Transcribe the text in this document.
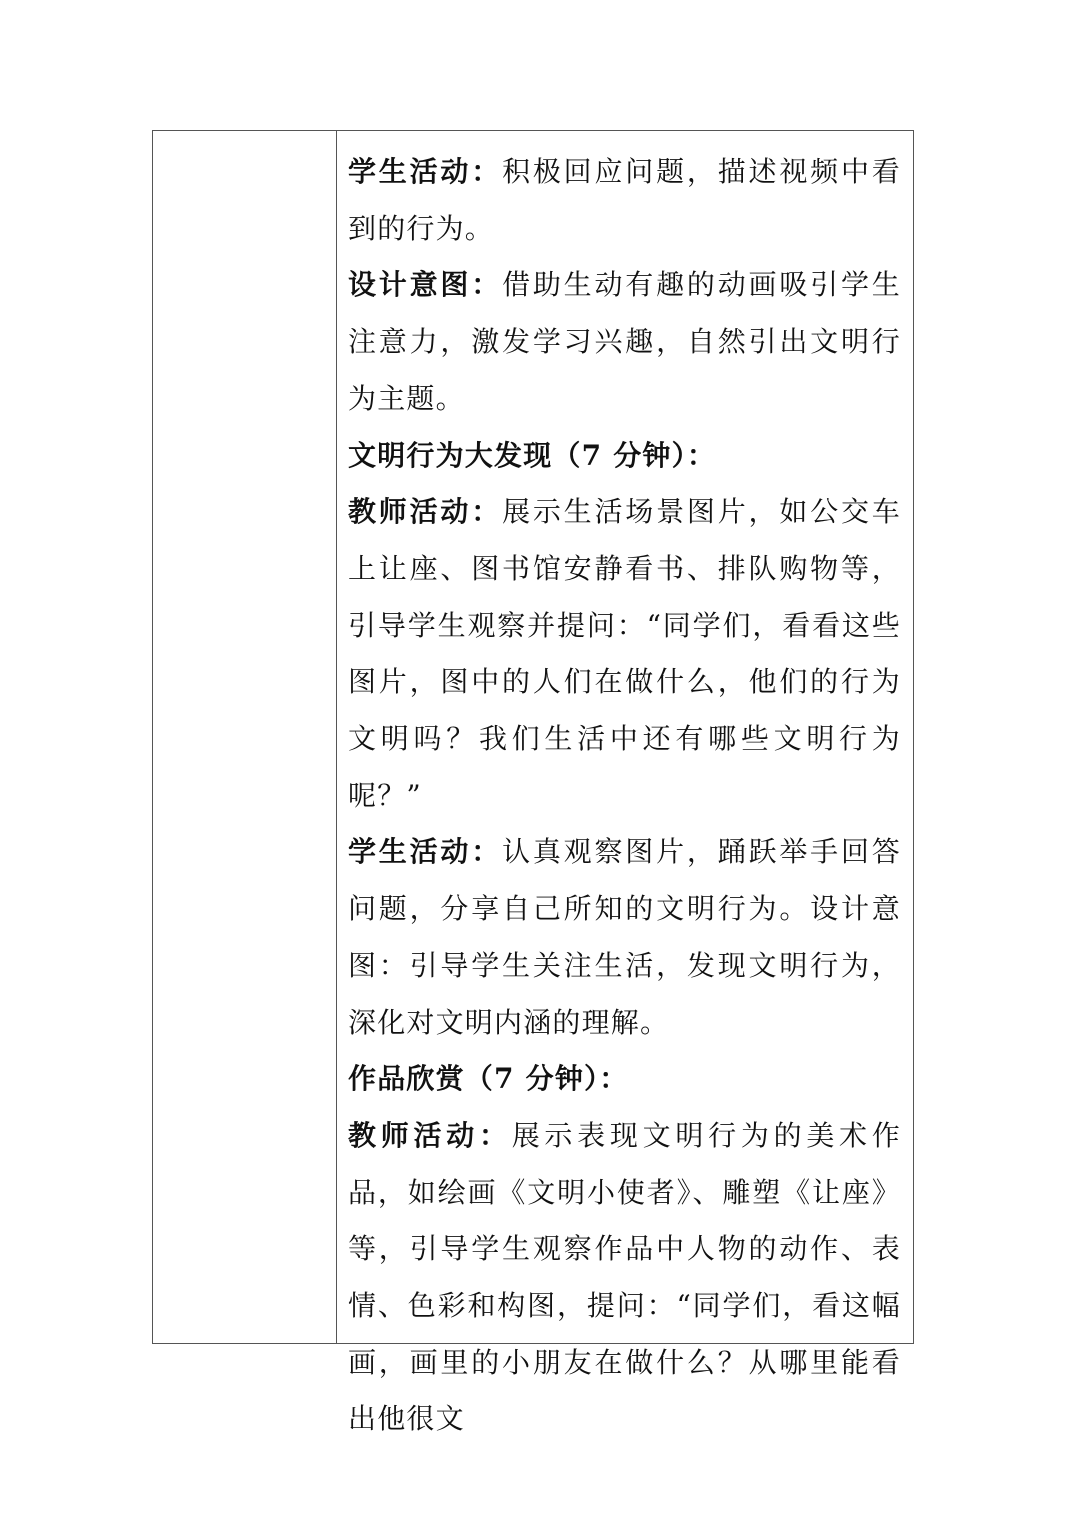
学生活动：积极回应问题，描述视频中看到的行为。

设计意图：借助生动有趣的动画吸引学生注意力，激发学习兴趣，自然引出文明行为主题。

文明行为大发现（7 分钟）：

教师活动：展示生活场景图片，如公交车上让座、图书馆安静看书、排队购物等，引导学生观察并提问：“同学们，看看这些图片，图中的人们在做什么，他们的行为文明吗？我们生活中还有哪些文明行为呢？”

学生活动：认真观察图片，踊跃举手回答问题，分享自己所知的文明行为。设计意图：引导学生关注生活，发现文明行为，深化对文明内涵的理解。

作品欣赏（7 分钟）：

教师活动：展示表现文明行为的美术作品，如绘画《文明小使者》、雕塑《让座》等，引导学生观察作品中人物的动作、表情、色彩和构图，提问：“同学们，看这幅画，画里的小朋友在做什么？从哪里能看出他很文
